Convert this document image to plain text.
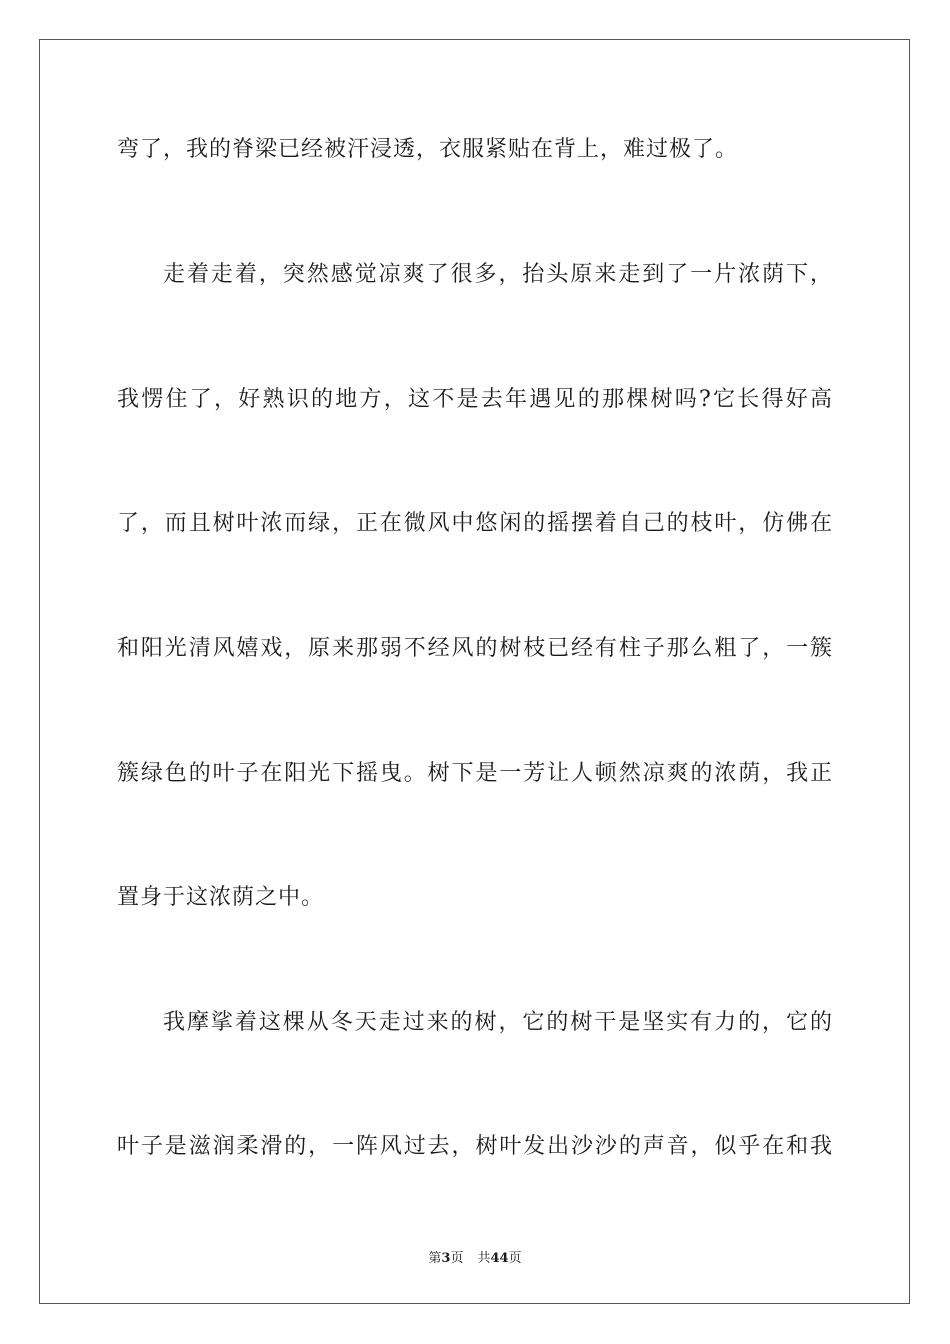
弯了，我的脊梁已经被汗浸透，衣服紧贴在背上，难过极了。
走着走着，突然感觉凉爽了很多，抬头原来走到了一片浓荫下，
我愣住了，好熟识的地方，这不是去年遇见的那棵树吗?它长得好高
了，而且树叶浓而绿，正在微风中悠闲的摇摆着自己的枝叶，仿佛在
和阳光清风嬉戏，原来那弱不经风的树枝已经有柱子那么粗了，一簇
簇绿色的叶子在阳光下摇曳。树下是一芳让人顿然凉爽的浓荫，我正
置身于这浓荫之中。
我摩挲着这棵从冬天走过来的树，它的树干是坚实有力的，它的
叶子是滋润柔滑的，一阵风过去，树叶发出沙沙的声音，似乎在和我
第3页 共44页
